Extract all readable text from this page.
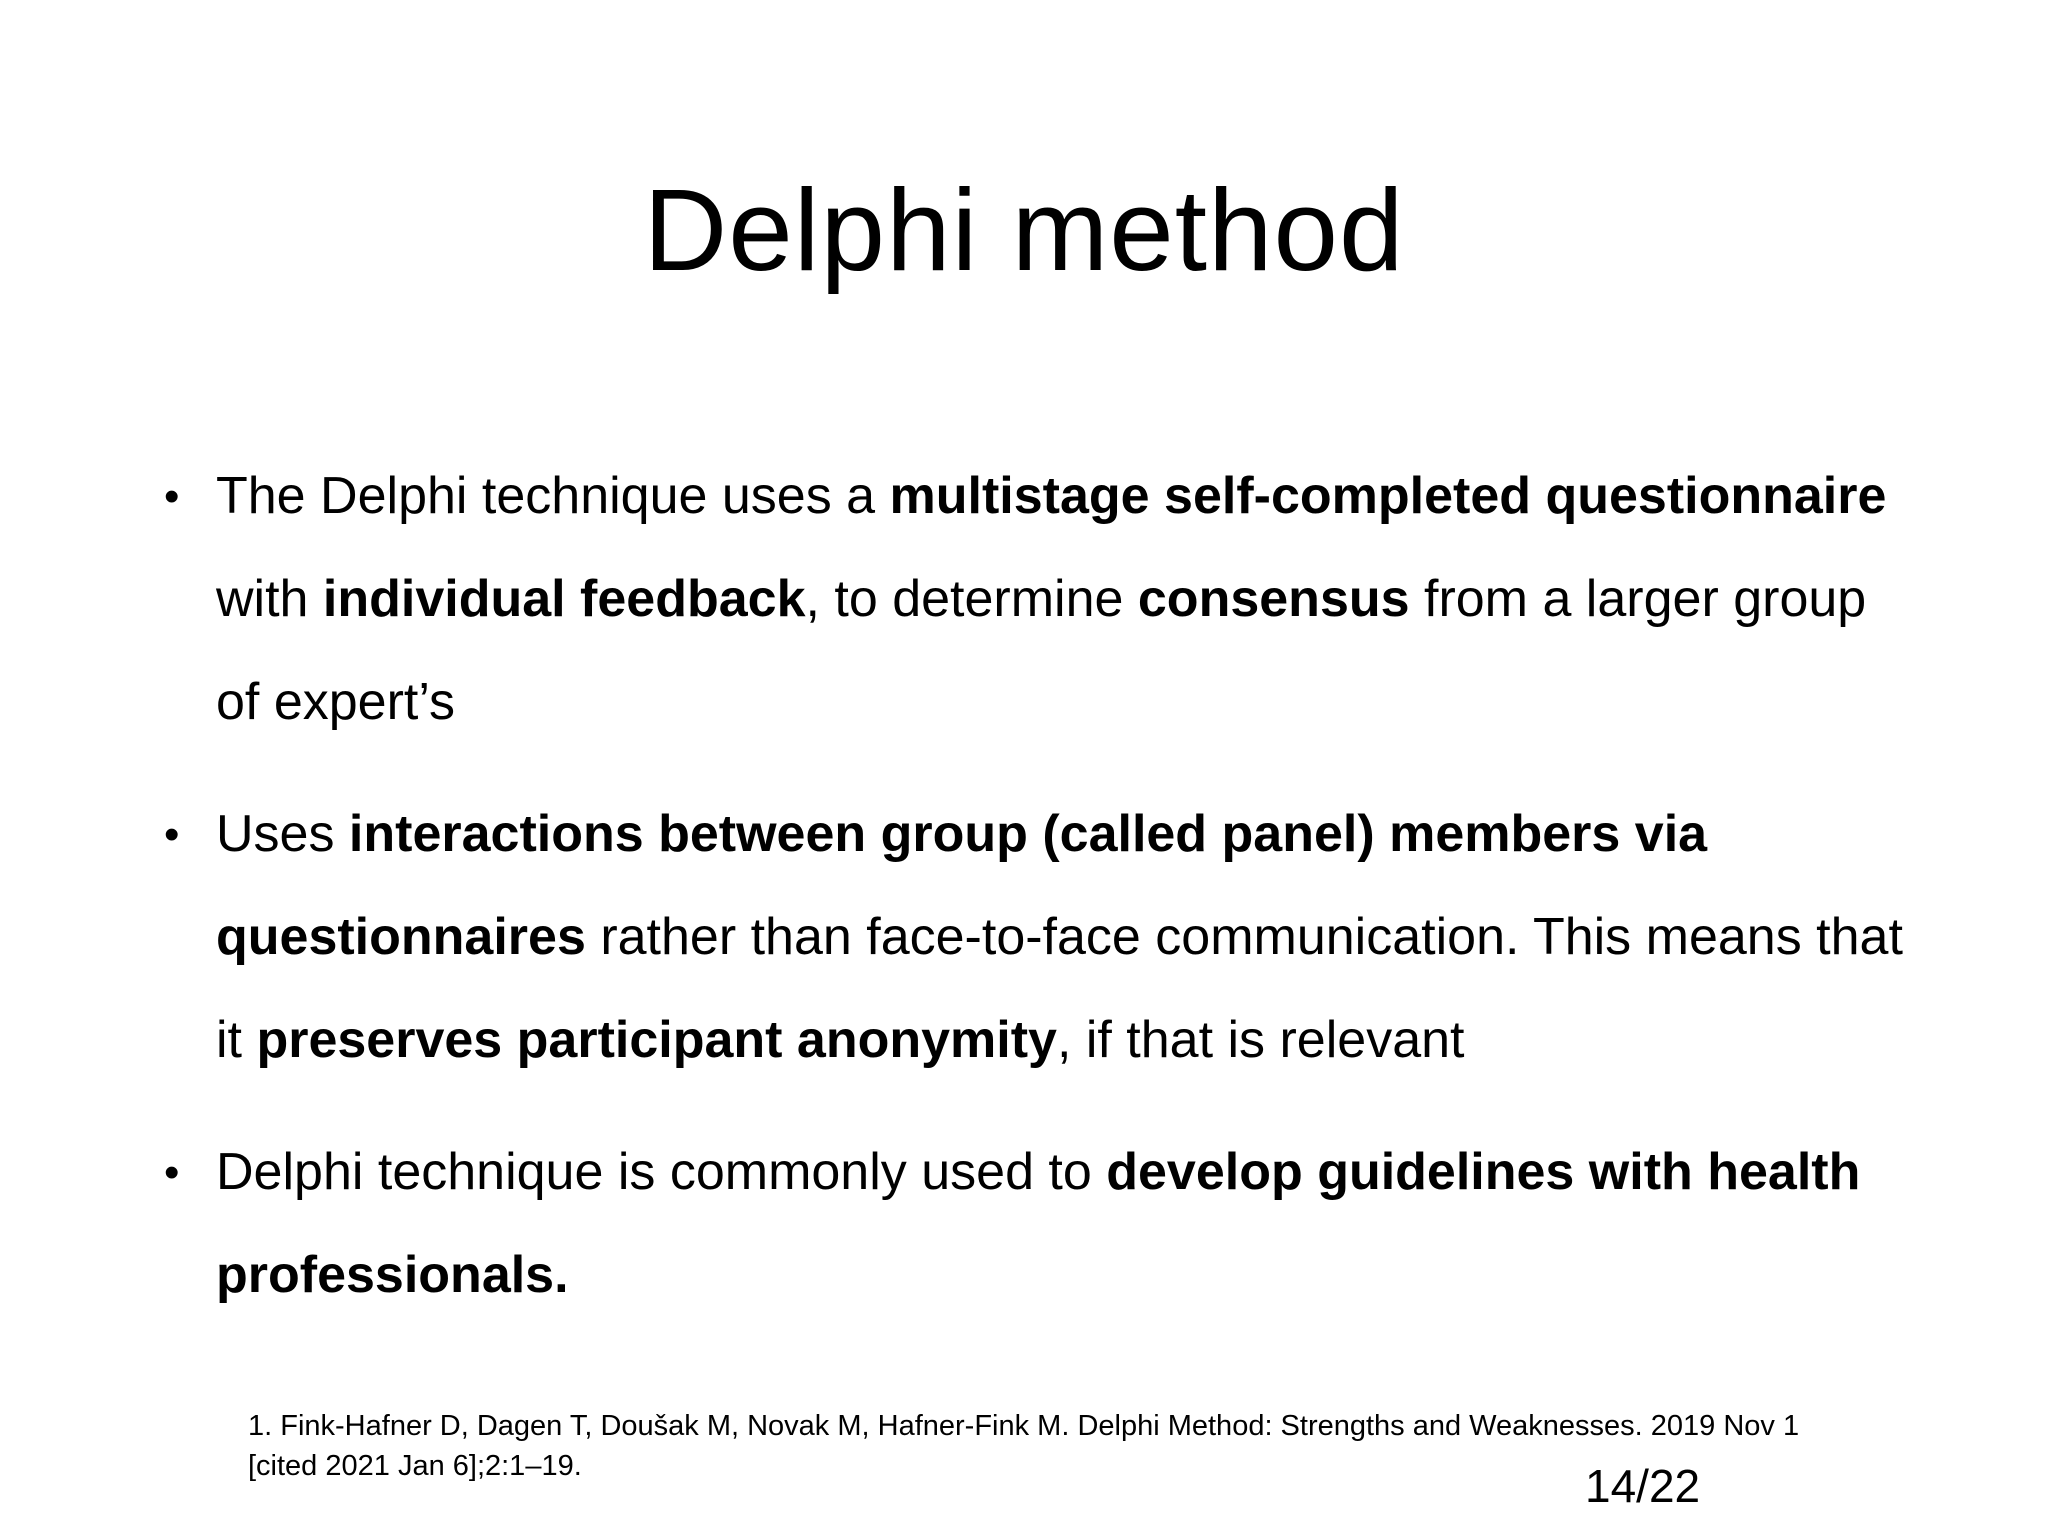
Delphi method
• The Delphi technique uses a multistage self-completed questionnaire with individual feedback, to determine consensus from a larger group of expert’s
• Uses interactions between group (called panel) members via questionnaires rather than face-to-face communication. This means that it preserves participant anonymity, if that is relevant
• Delphi technique is commonly used to develop guidelines with health professionals.
1. Fink-Hafner D, Dagen T, Doušak M, Novak M, Hafner-Fink M. Delphi Method: Strengths and Weaknesses. 2019 Nov 1 [cited 2021 Jan 6];2:1–19.	14/22
